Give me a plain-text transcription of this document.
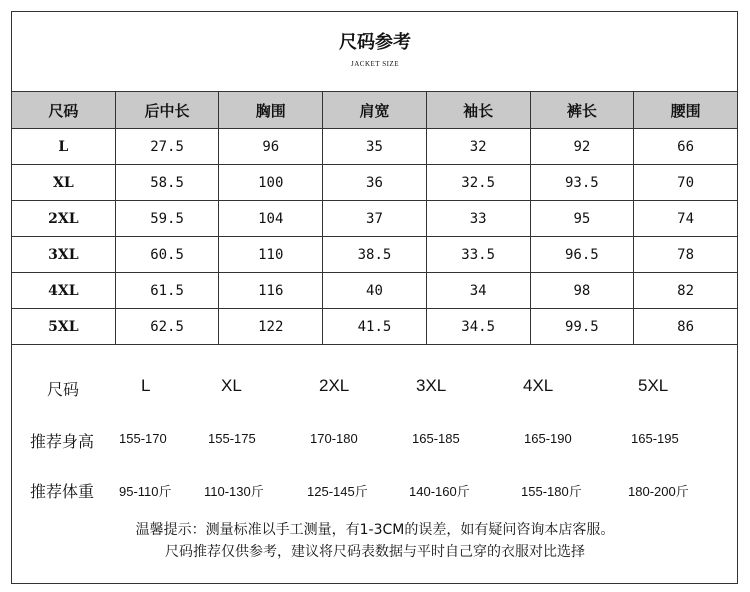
尺码参考
JACKET SIZE
尺码	后中长	胸围	肩宽	袖长	裤长	腰围
L	27.5	96	35	32	92	66
XL	58.5	100	36	32.5	93.5	70
2XL	59.5	104	37	33	95	74
3XL	60.5	110	38.5	33.5	96.5	78
4XL	61.5	116	40	34	98	82
5XL	62.5	122	41.5	34.5	99.5	86
尺码	L	XL	2XL	3XL	4XL	5XL
推荐身高 155-170	155-175	170-180	165-185	165-190	165-195
推荐体重 95-110斤 110-130斤	125-145斤	140-160斤	155-180斤	180-200斤
温馨提示：测量标准以手工测量，有1-3CM的误差，如有疑问咨询本店客服。
尺码推荐仅供参考，建议将尺码表数据与平时自己穿的衣服对比选择
